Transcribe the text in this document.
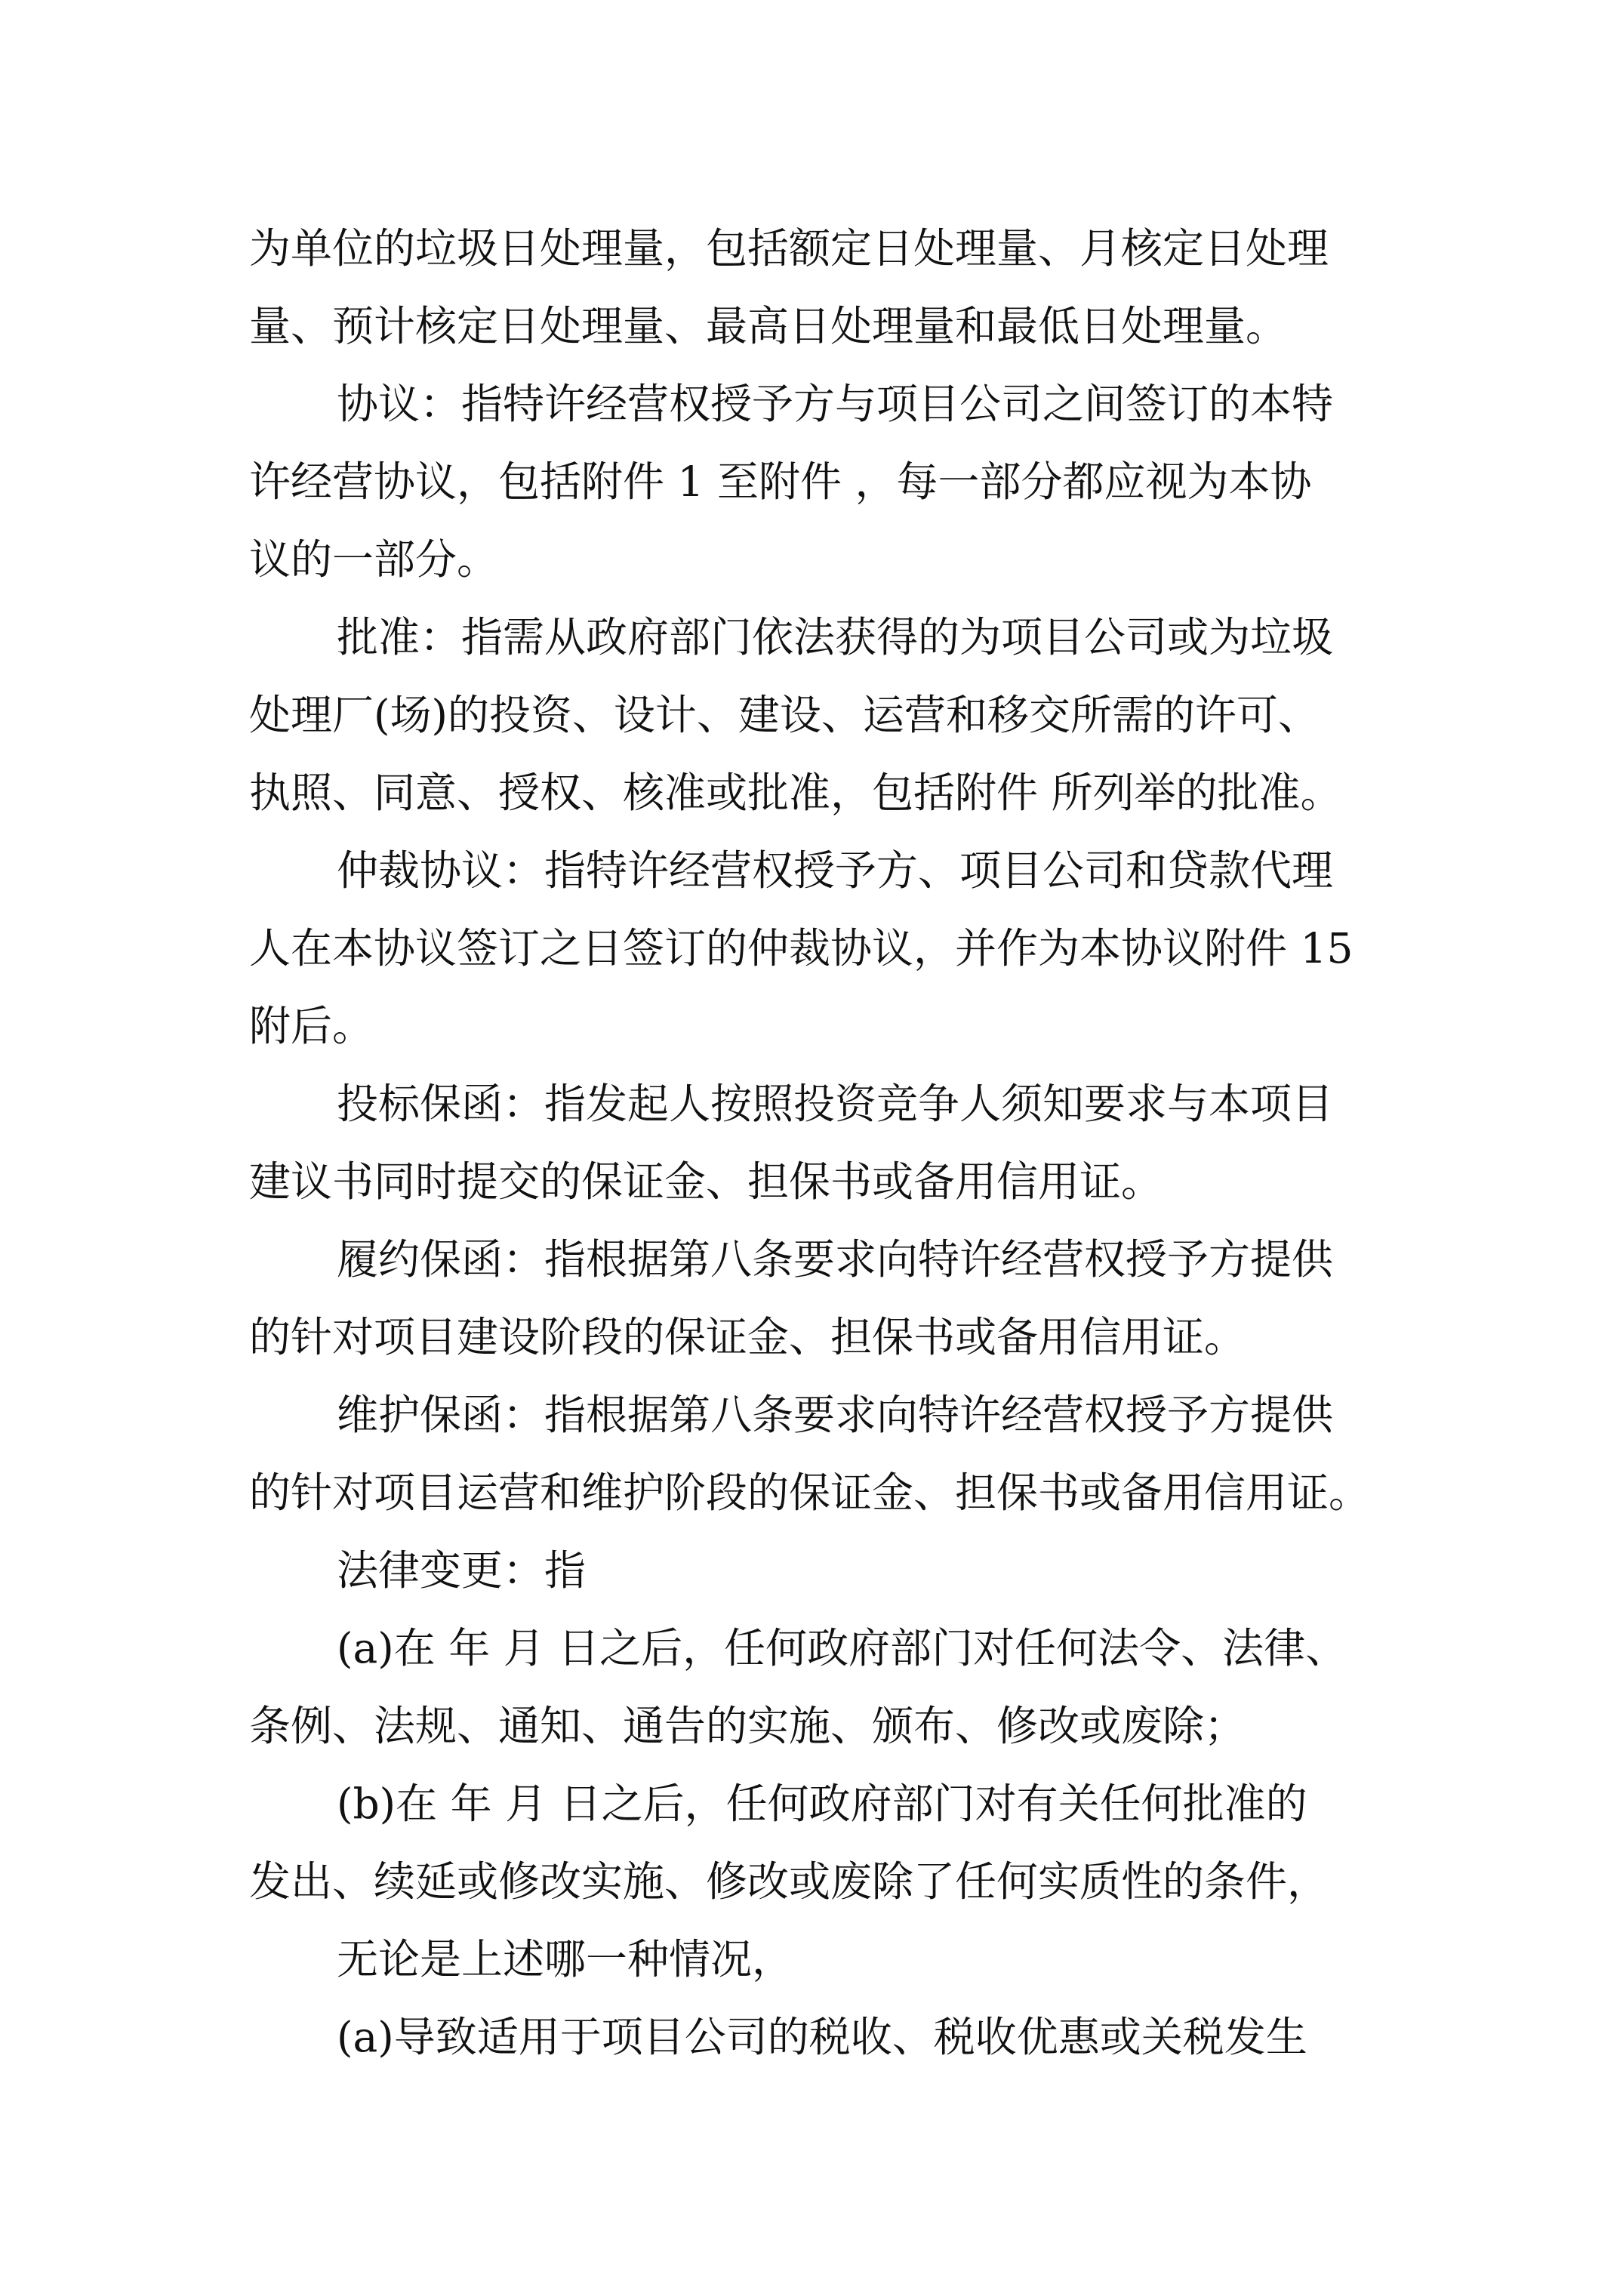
为单位的垃圾日处理量，包括额定日处理量、月核定日处理
量、预计核定日处理量、最高日处理量和最低日处理量。
协议：指特许经营权授予方与项目公司之间签订的本特
许经营协议，包括附件 1 至附件 ，每一部分都应视为本协
议的一部分。
批准：指需从政府部门依法获得的为项目公司或为垃圾
处理厂(场)的投资、设计、建设、运营和移交所需的许可、
执照、同意、授权、核准或批准，包括附件 所列举的批准。
仲裁协议：指特许经营权授予方、项目公司和贷款代理
人在本协议签订之日签订的仲裁协议，并作为本协议附件 15
附后。
投标保函：指发起人按照投资竞争人须知要求与本项目
建议书同时提交的保证金、担保书或备用信用证。
履约保函：指根据第八条要求向特许经营权授予方提供
的针对项目建设阶段的保证金、担保书或备用信用证。
维护保函：指根据第八条要求向特许经营权授予方提供
的针对项目运营和维护阶段的保证金、担保书或备用信用证。
法律变更：指
(a)在 年 月 日之后，任何政府部门对任何法令、法律、
条例、法规、通知、通告的实施、颁布、修改或废除；
(b)在 年 月 日之后，任何政府部门对有关任何批准的
发出、续延或修改实施、修改或废除了任何实质性的条件，
无论是上述哪一种情况，
(a)导致适用于项目公司的税收、税收优惠或关税发生
